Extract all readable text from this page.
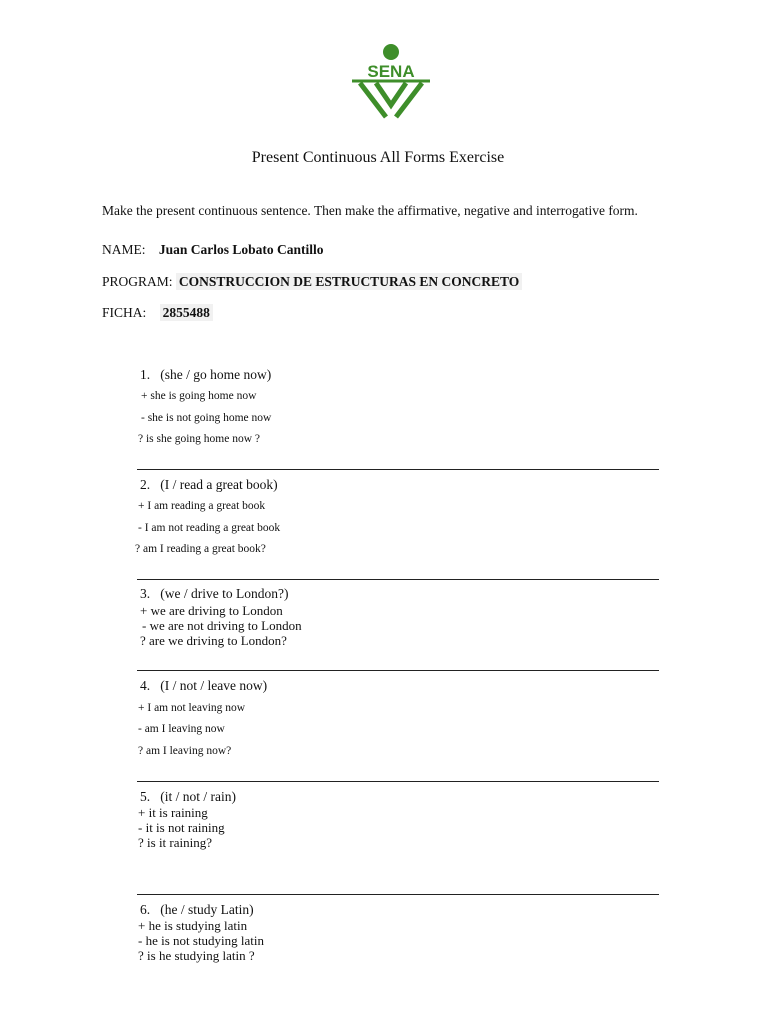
SENA
Present Continuous All Forms Exercise
Make the present continuous sentence. Then make the affirmative, negative and interrogative form.
NAME: Juan Carlos Lobato Cantillo
PROGRAM: CONSTRUCCION DE ESTRUCTURAS EN CONCRETO
FICHA: 2855488
1. (she / go home now)
+ she is going home now
- she is not going home now
? is she going home now ?
2. (I / read a great book)
+ I am reading a great book
- I am not reading a great book
? am I reading a great book?
3. (we / drive to London?)
+ we are driving to London
- we are not driving to London
? are we driving to London?
4. (I / not / leave now)
+ I am not leaving now
- am I leaving now
? am I leaving now?
5. (it / not / rain)
+ it is raining
- it is not raining
? is it raining?
6. (he / study Latin)
+ he is studying latin
- he is not studying latin
? is he studying latin ?
